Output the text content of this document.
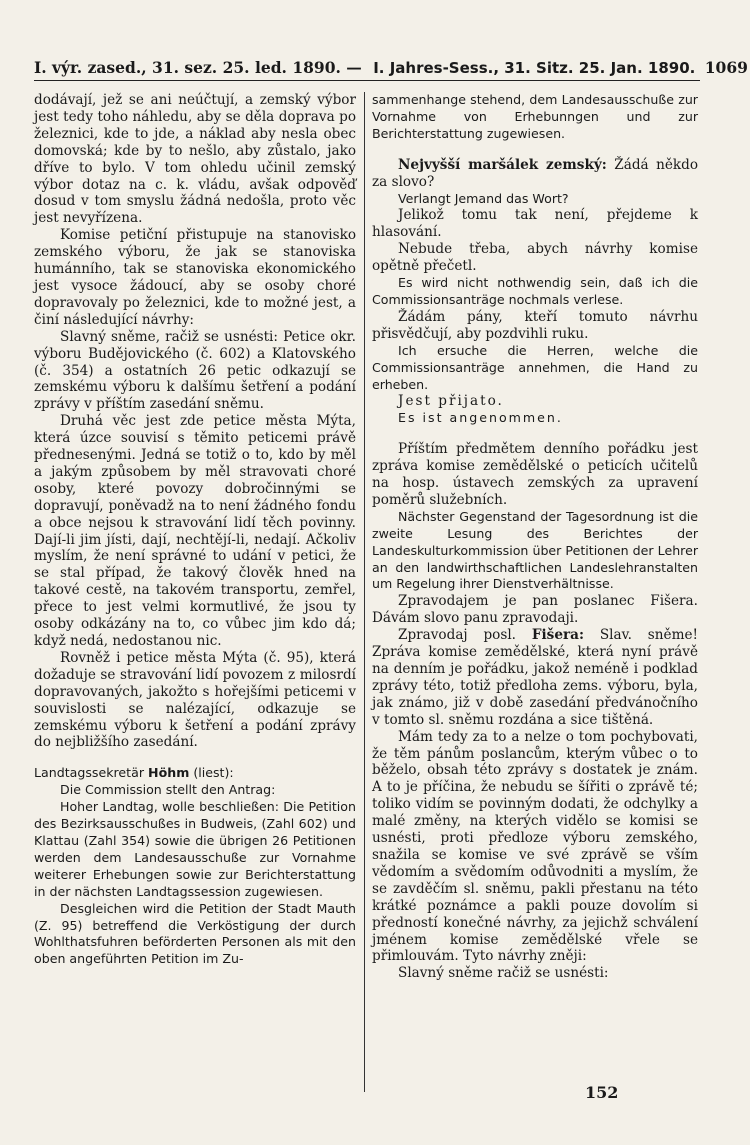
I. výr. zased., 31. sez. 25. led. 1890. — I. Jahres-Sess., 31. Sitz. 25. Jan. 1890. 1069

dodávají, jež se ani neúčtují, a zemský výbor jest tedy toho náhledu, aby se děla doprava po železnici, kde to jde, a náklad aby nesla obec domovská; kde by to nešlo, aby zůstalo, jako dříve to bylo. V tom ohledu učinil zemský výbor dotaz na c. k. vládu, avšak odpověď dosud v tom smyslu žádná nedošla, proto věc jest nevyřízena.

Komise petiční přistupuje na stanovisko zemského výboru, že jak se stanoviska humánního, tak se stanoviska ekonomického jest vysoce žádoucí, aby se osoby choré dopravovaly po železnici, kde to možné jest, a činí následující návrhy:

Slavný sněme, račiž se usnésti: Petice okr. výboru Budějovického (č. 602) a Klatovského (č. 354) a ostatních 26 petic odkazují se zemskému výboru k dalšímu šetření a podání zprávy v příštím zasedání sněmu.

Druhá věc jest zde petice města Mýta, která úzce souvisí s těmito peticemi právě přednesenými. Jedná se totiž o to, kdo by měl a jakým způsobem by měl stravovati choré osoby, které povozy dobročinnými se dopravují, poněvadž na to není žádného fondu a obce nejsou k stravování lidí těch povinny. Dají-li jim jísti, dají, nechtějí-li, nedají. Ačkoliv myslím, že není správné to udání v petici, že se stal případ, že takový člověk hned na takové cestě, na takovém transportu, zemřel, přece to jest velmi kormutlivé, že jsou ty osoby odkázány na to, co vůbec jim kdo dá; když nedá, nedostanou nic.

Rovněž i petice města Mýta (č. 95), která dožaduje se stravování lidí povozem z milosrdí dopravovaných, jakožto s hořejšími peticemi v souvislosti se nalézající, odkazuje se zemskému výboru k šetření a podání zprávy do nejbližšího zasedání.

Landtagssekretär Höhm (liest):

Die Commission stellt den Antrag:

Hoher Landtag, wolle beschließen: Die Petition des Bezirksausschußes in Budweis, (Zahl 602) und Klattau (Zahl 354) sowie die übrigen 26 Petitionen werden dem Landesausschuße zur Vornahme weiterer Erhebungen sowie zur Berichterstattung in der nächsten Landtagssession zugewiesen.

Desgleichen wird die Petition der Stadt Mauth (Z. 95) betreffend die Verköstigung der durch Wohlthatsfuhren beförderten Personen als mit den oben angeführten Petition im Zu-

sammenhange stehend, dem Landesausschuße zur Vornahme von Erhebunngen und zur Berichterstattung zugewiesen.

Nejvyšší maršálek zemský: Žádá někdo za slovo?

Verlangt Jemand das Wort?

Jelikož tomu tak není, přejdeme k hlasování.

Nebude třeba, abych návrhy komise opětně přečetl.

Es wird nicht nothwendig sein, daß ich die Commissionsanträge nochmals verlese.

Žádám pány, kteří tomuto návrhu přisvědčují, aby pozdvihli ruku.

Ich ersuche die Herren, welche die Commissionsanträge annehmen, die Hand zu erheben.

Jest přijato.

Es ist angenommen.

Příštím předmětem denního pořádku jest zpráva komise zemědělské o peticích učitelů na hosp. ústavech zemských za upravení poměrů služebních.

Nächster Gegenstand der Tagesordnung ist die zweite Lesung des Berichtes der Landeskulturkommission über Petitionen der Lehrer an den landwirthschaftlichen Landeslehranstalten um Regelung ihrer Dienstverhältnisse.

Zpravodajem je pan poslanec Fišera. Dávám slovo panu zpravodaji.

Zpravodaj posl. Fišera: Slav. sněme! Zpráva komise zemědělské, která nyní právě na denním je pořádku, jakož neméně i podklad zprávy této, totiž předloha zems. výboru, byla, jak známo, již v době zasedání předvánočního v tomto sl. sněmu rozdána a sice tištěná.

Mám tedy za to a nelze o tom pochybovati, že těm pánům poslancům, kterým vůbec o to běželo, obsah této zprávy s dostatek je znám. A to je příčina, že nebudu se šířiti o zprávě té; toliko vidím se povinným dodati, že odchylky a malé změny, na kterých vidělo se komisi se usnésti, proti předloze výboru zemského, snažila se komise ve své zprávě se vším vědomím a svědomím odůvodniti a myslím, že se zavděčím sl. sněmu, pakli přestanu na této krátké poznámce a pakli pouze dovolím si předností konečné návrhy, za jejichž schválení jménem komise zemědělské vřele se přimlouvám. Tyto návrhy zněji:

Slavný sněme račiž se usnésti:

152
